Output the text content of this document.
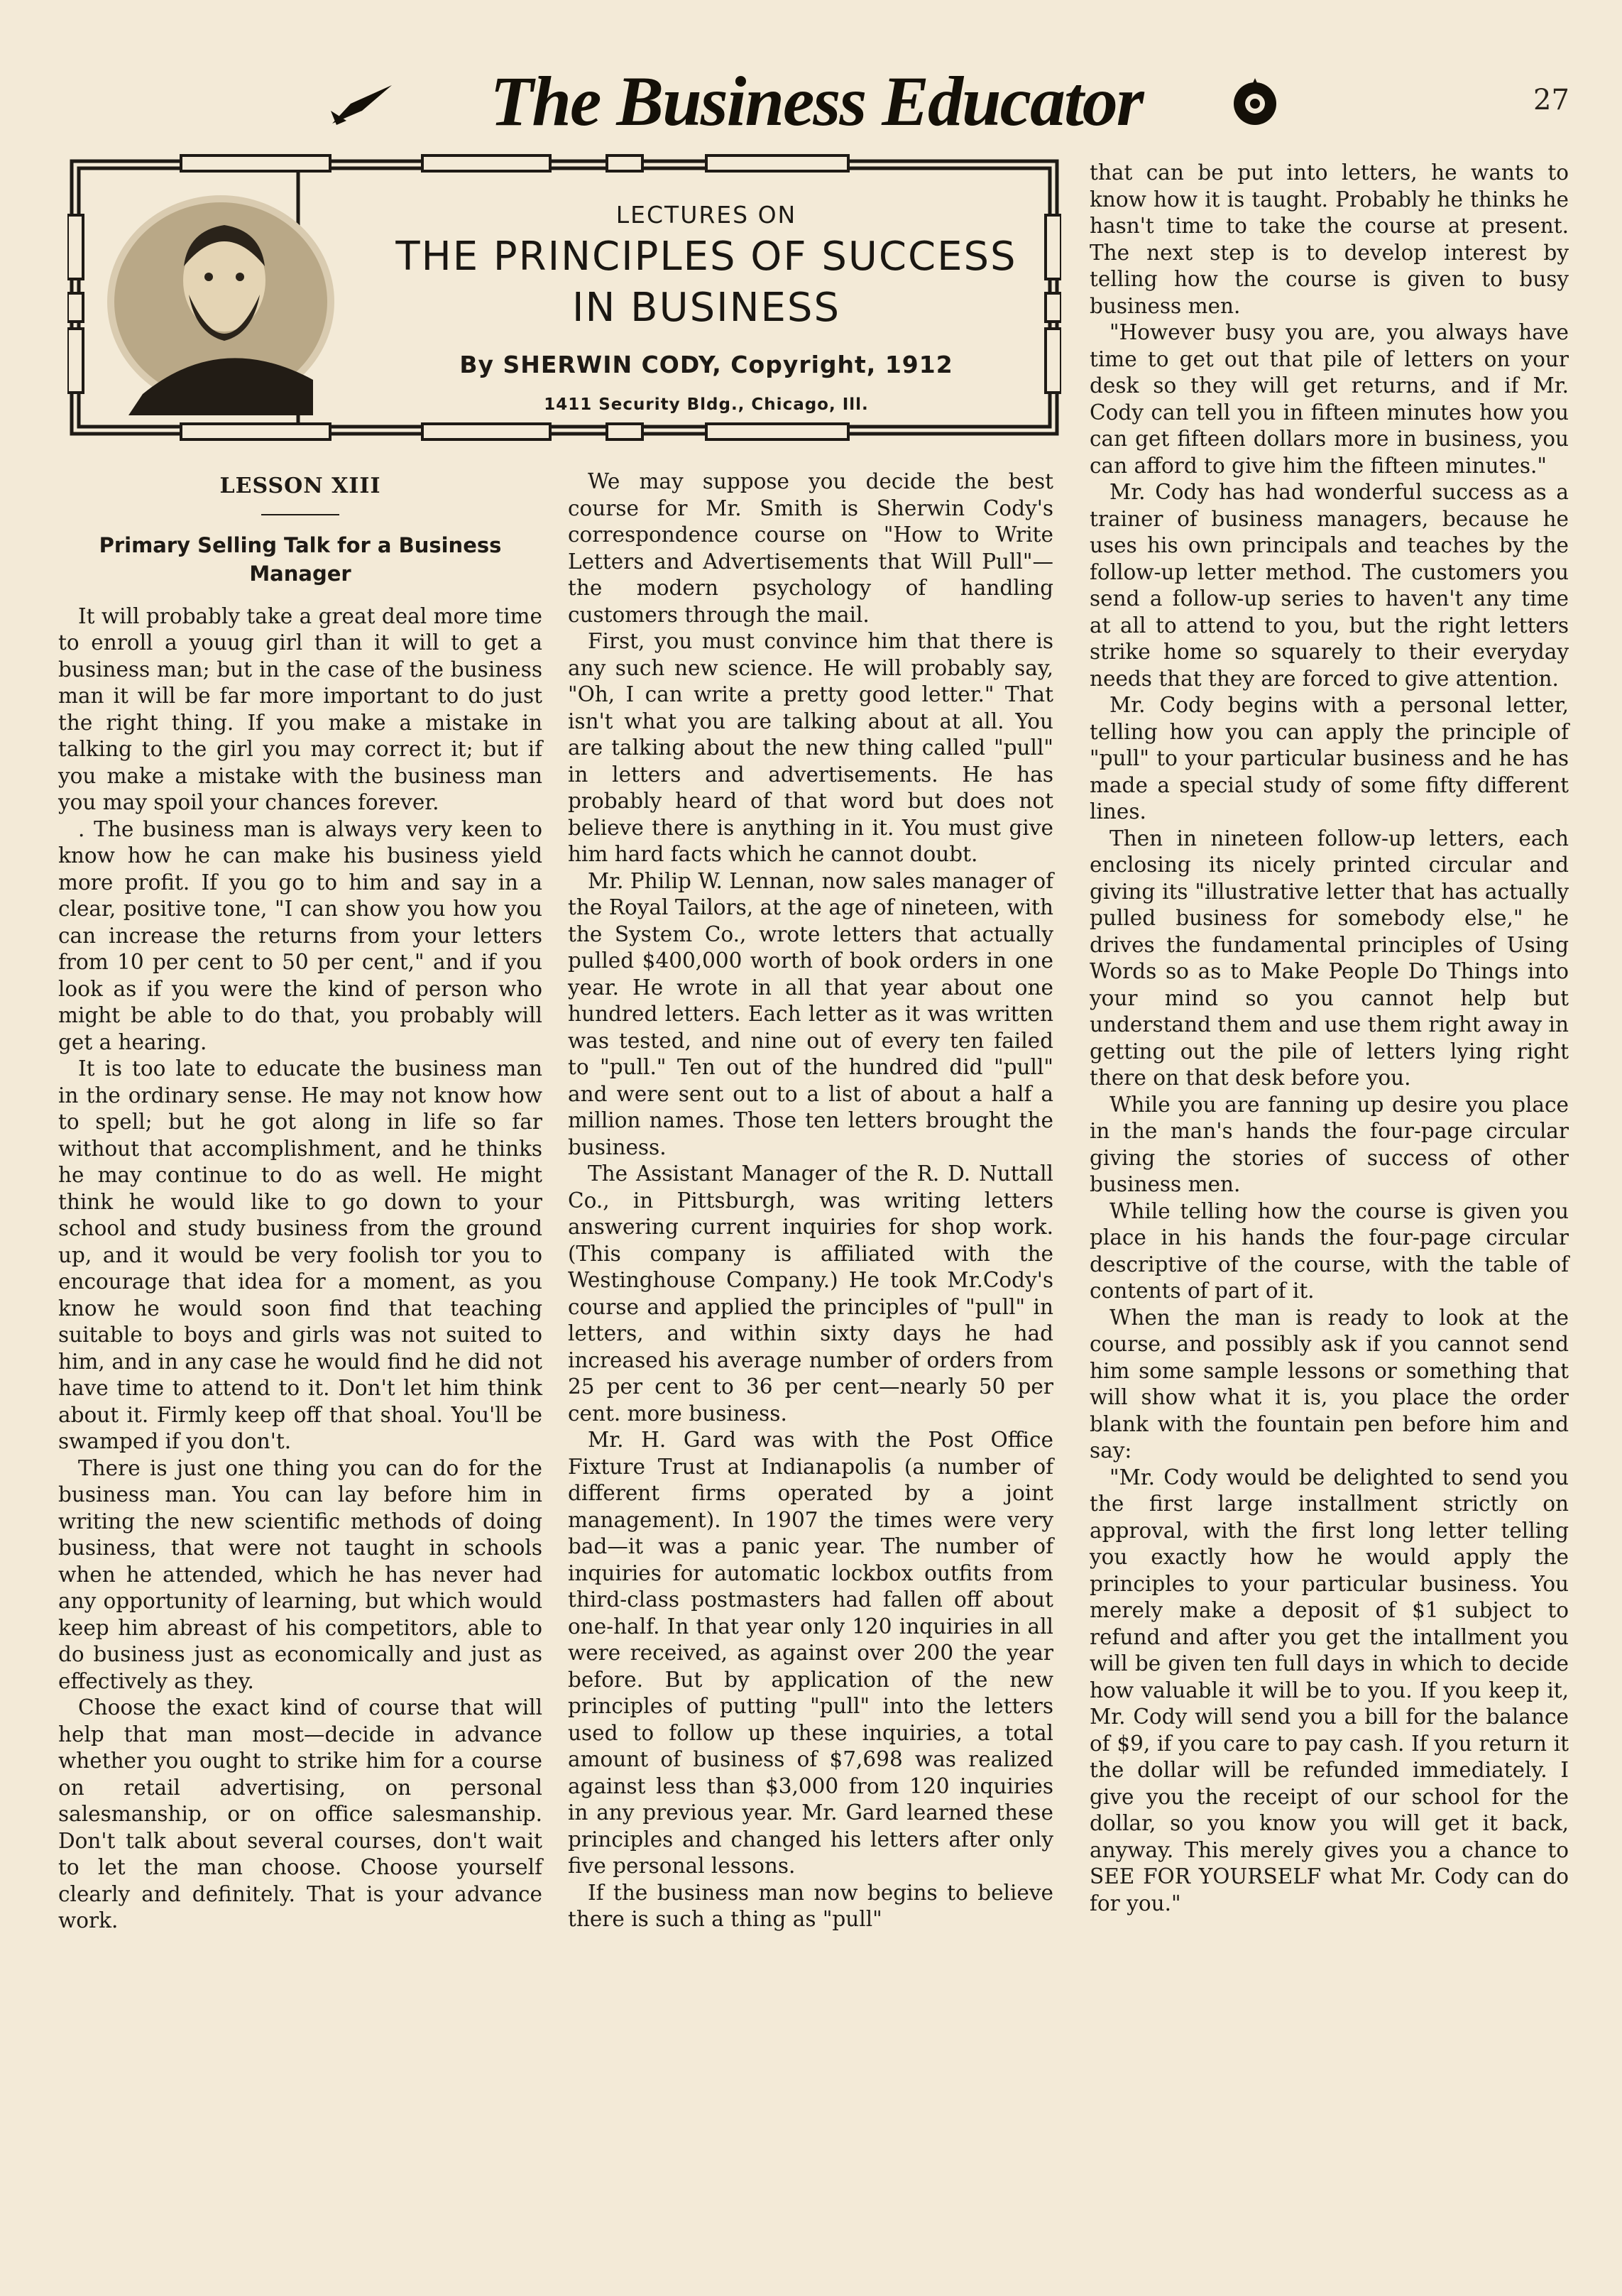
The Business Educator	27
LECTURES ON
THE PRINCIPLES OF SUCCESS
IN BUSINESS
By SHERWIN CODY, Copyright, 1912
1411 Security Bldg., Chicago, Ill.
LESSON XIII
Primary Selling Talk for a Business Manager

It will probably take a great deal more time to enroll a youug girl than it will to get a business man; but in the case of the business man it will be far more important to do just the right thing. If you make a mistake in talking to the girl you may correct it; but if you make a mistake with the business man you may spoil your chances forever.

. The business man is always very keen to know how he can make his business yield more profit. If you go to him and say in a clear, positive tone, "I can show you how you can increase the returns from your letters from 10 per cent to 50 per cent," and if you look as if you were the kind of person who might be able to do that, you probably will get a hearing.

It is too late to educate the business man in the ordinary sense. He may not know how to spell; but he got along in life so far without that accomplishment, and he thinks he may continue to do as well. He might think he would like to go down to your school and study business from the ground up, and it would be very foolish tor you to encourage that idea for a moment, as you know he would soon find that teaching suitable to boys and girls was not suited to him, and in any case he would find he did not have time to attend to it. Don't let him think about it. Firmly keep off that shoal. You'll be swamped if you don't.

There is just one thing you can do for the business man. You can lay before him in writing the new scientific methods of doing business, that were not taught in schools when he attended, which he has never had any opportunity of learning, but which would keep him abreast of his competitors, able to do business just as economically and just as effectively as they.

Choose the exact kind of course that will help that man most—decide in advance whether you ought to strike him for a course on retail advertising, on personal salesmanship, or on office salesmanship. Don't talk about several courses, don't wait to let the man choose. Choose yourself clearly and definitely. That is your advance work.

We may suppose you decide the best course for Mr. Smith is Sherwin Cody's correspondence course on "How to Write Letters and Advertisements that Will Pull"—the modern psychology of handling customers through the mail.

First, you must convince him that there is any such new science. He will probably say, "Oh, I can write a pretty good letter." That isn't what you are talking about at all. You are talking about the new thing called "pull" in letters and advertisements. He has probably heard of that word but does not believe there is anything in it. You must give him hard facts which he cannot doubt.

Mr. Philip W. Lennan, now sales manager of the Royal Tailors, at the age of nineteen, with the System Co., wrote letters that actually pulled $400,000 worth of book orders in one year. He wrote in all that year about one hundred letters. Each letter as it was written was tested, and nine out of every ten failed to "pull." Ten out of the hundred did "pull" and were sent out to a list of about a half a million names. Those ten letters brought the business.

The Assistant Manager of the R. D. Nuttall Co., in Pittsburgh, was writing letters answering current inquiries for shop work. (This company is affiliated with the Westinghouse Company.) He took Mr.Cody's course and applied the principles of "pull" in letters, and within sixty days he had increased his average number of orders from 25 per cent to 36 per cent—nearly 50 per cent. more business.

Mr. H. Gard was with the Post Office Fixture Trust at Indianapolis (a number of different firms operated by a joint management). In 1907 the times were very bad—it was a panic year. The number of inquiries for automatic lockbox outfits from third-class postmasters had fallen off about one-half. In that year only 120 inquiries in all were received, as against over 200 the year before. But by application of the new principles of putting "pull" into the letters used to follow up these inquiries, a total amount of business of $7,698 was realized against less than $3,000 from 120 inquiries in any previous year. Mr. Gard learned these principles and changed his letters after only five personal lessons.

If the business man now begins to believe there is such a thing as "pull"

that can be put into letters, he wants to know how it is taught. Probably he thinks he hasn't time to take the course at present. The next step is to develop interest by telling how the course is given to busy business men.

"However busy you are, you always have time to get out that pile of letters on your desk so they will get returns, and if Mr. Cody can tell you in fifteen minutes how you can get fifteen dollars more in business, you can afford to give him the fifteen minutes."

Mr. Cody has had wonderful success as a trainer of business managers, because he uses his own principals and teaches by the follow-up letter method. The customers you send a follow-up series to haven't any time at all to attend to you, but the right letters strike home so squarely to their everyday needs that they are forced to give attention.

Mr. Cody begins with a personal letter, telling how you can apply the principle of "pull" to your particular business and he has made a special study of some fifty different lines.

Then in nineteen follow-up letters, each enclosing its nicely printed circular and giving its "illustrative letter that has actually pulled business for somebody else," he drives the fundamental principles of Using Words so as to Make People Do Things into your mind so you cannot help but understand them and use them right away in getting out the pile of letters lying right there on that desk before you.

While you are fanning up desire you place in the man's hands the four-page circular giving the stories of success of other business men.

While telling how the course is given you place in his hands the four-page circular descriptive of the course, with the table of contents of part of it.

When the man is ready to look at the course, and possibly ask if you cannot send him some sample lessons or something that will show what it is, you place the order blank with the fountain pen before him and say:

"Mr. Cody would be delighted to send you the first large installment strictly on approval, with the first long letter telling you exactly how he would apply the principles to your particular business. You merely make a deposit of $1 subject to refund and after you get the intallment you will be given ten full days in which to decide how valuable it will be to you. If you keep it, Mr. Cody will send you a bill for the balance of $9, if you care to pay cash. If you return it the dollar will be refunded immediately. I give you the receipt of our school for the dollar, so you know you will get it back, anyway. This merely gives you a chance to SEE FOR YOURSELF what Mr. Cody can do for you."
